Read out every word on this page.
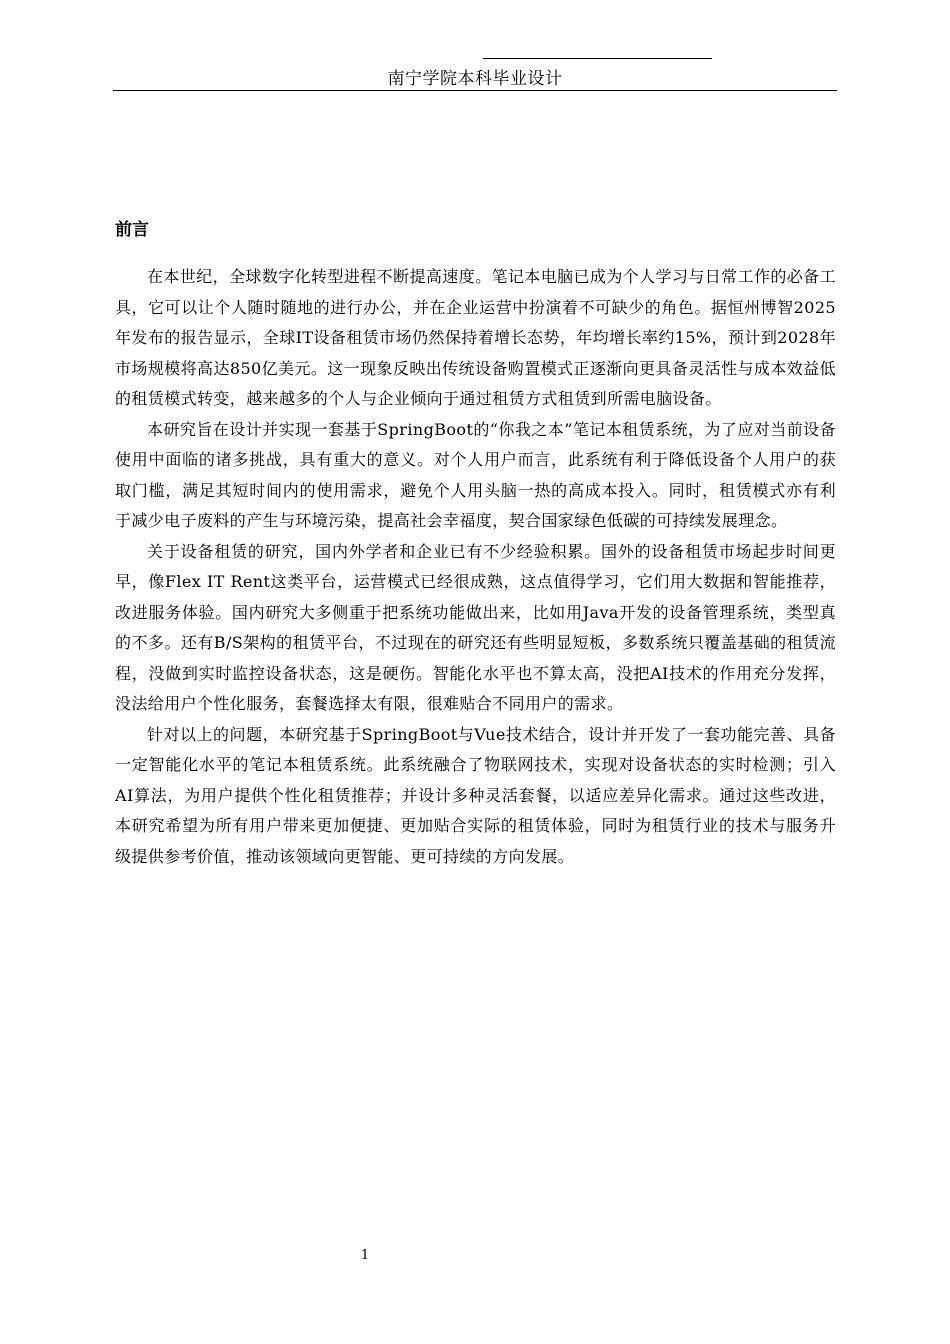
南宁学院本科毕业设计
前言

在本世纪，全球数字化转型进程不断提高速度。笔记本电脑已成为个人学习与日常工作的必备工具，它可以让个人随时随地的进行办公，并在企业运营中扮演着不可缺少的角色。据恒州博智2025年发布的报告显示，全球IT设备租赁市场仍然保持着增长态势，年均增长率约15%，预计到2028年市场规模将高达850亿美元。这一现象反映出传统设备购置模式正逐渐向更具备灵活性与成本效益低的租赁模式转变，越来越多的个人与企业倾向于通过租赁方式租赁到所需电脑设备。

本研究旨在设计并实现一套基于SpringBoot的“你我之本”笔记本租赁系统，为了应对当前设备使用中面临的诸多挑战，具有重大的意义。对个人用户而言，此系统有利于降低设备个人用户的获取门槛，满足其短时间内的使用需求，避免个人用头脑一热的高成本投入。同时，租赁模式亦有利于减少电子废料的产生与环境污染，提高社会幸福度，契合国家绿色低碳的可持续发展理念。

关于设备租赁的研究，国内外学者和企业已有不少经验积累。国外的设备租赁市场起步时间更早，像Flex IT Rent这类平台，运营模式已经很成熟，这点值得学习，它们用大数据和智能推荐，改进服务体验。国内研究大多侧重于把系统功能做出来，比如用Java开发的设备管理系统，类型真的不多。还有B/S架构的租赁平台，不过现在的研究还有些明显短板，多数系统只覆盖基础的租赁流程，没做到实时监控设备状态，这是硬伤。智能化水平也不算太高，没把AI技术的作用充分发挥，没法给用户个性化服务，套餐选择太有限，很难贴合不同用户的需求。

针对以上的问题，本研究基于SpringBoot与Vue技术结合，设计并开发了一套功能完善、具备一定智能化水平的笔记本租赁系统。此系统融合了物联网技术，实现对设备状态的实时检测；引入AI算法，为用户提供个性化租赁推荐；并设计多种灵活套餐，以适应差异化需求。通过这些改进，本研究希望为所有用户带来更加便捷、更加贴合实际的租赁体验，同时为租赁行业的技术与服务升级提供参考价值，推动该领域向更智能、更可持续的方向发展。

1
